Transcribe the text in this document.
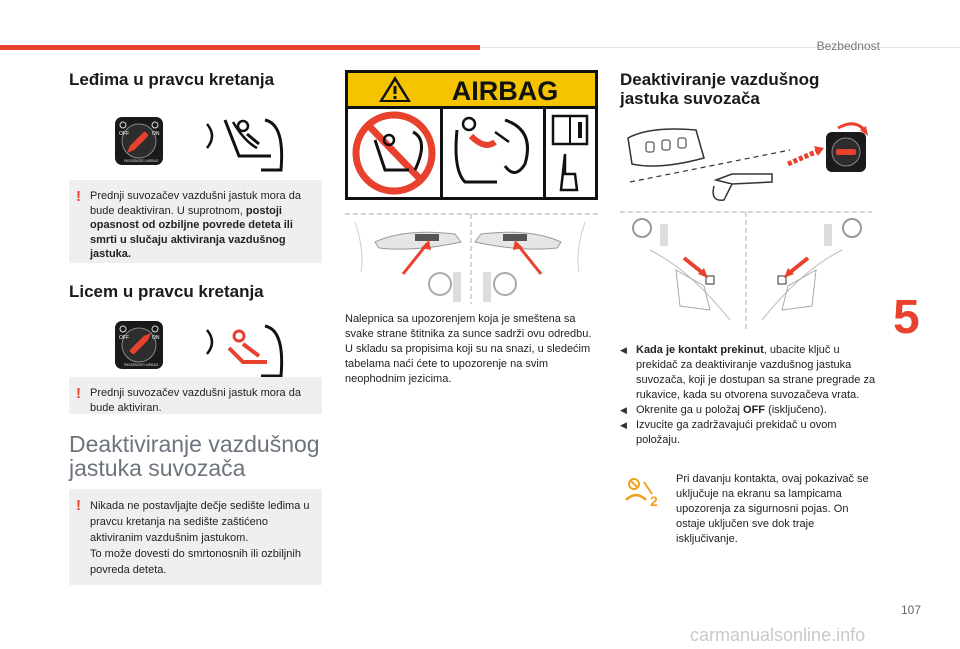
Bezbednost
5
Leđima u pravcu kretanja
OFF	ON
PASSENGER AIRBAG
! Prednji suvozačev vazdušni jastuk mora da bude deaktiviran. U suprotnom, postoji opasnost od ozbiljne povrede deteta ili smrti u slučaju aktiviranja vazdušnog jastuka.
Licem u pravcu kretanja
OFF	ON
PASSENGER AIRBAG
! Prednji suvozačev vazdušni jastuk mora da bude aktiviran.
Deaktiviranje vazdušnog
jastuka suvozača
! Nikada ne postavljajte dečje sedište leđima u pravcu kretanja na sedište zaštićeno aktiviranim vazdušnim jastukom.
To može dovesti do smrtonosnih ili ozbiljnih povreda deteta.
AIRBAG
Nalepnica sa upozorenjem koja je smeštena sa svake strane štitnika za sunce sadrži ovu odredbu.
U skladu sa propisima koji su na snazi, u sledećim tabelama naći ćete to upozorenje na svim neophodnim jezicima.
Deaktiviranje vazdušnog
jastuka suvozača
◀ Kada je kontakt prekinut, ubacite ključ u prekidač za deaktiviranje vazdušnog jastuka suvozača, koji je dostupan sa strane pregrade za rukavice, kada su otvorena suvozačeva vrata.
◀ Okrenite ga u položaj OFF (isključeno).
◀ Izvucite ga zadržavajući prekidač u ovom položaju.
2
Pri davanju kontakta, ovaj pokazivač se uključuje na ekranu sa lampicama upozorenja za sigurnosni pojas. On ostaje uključen sve dok traje isključivanje.
107
carmanualsonline.info
